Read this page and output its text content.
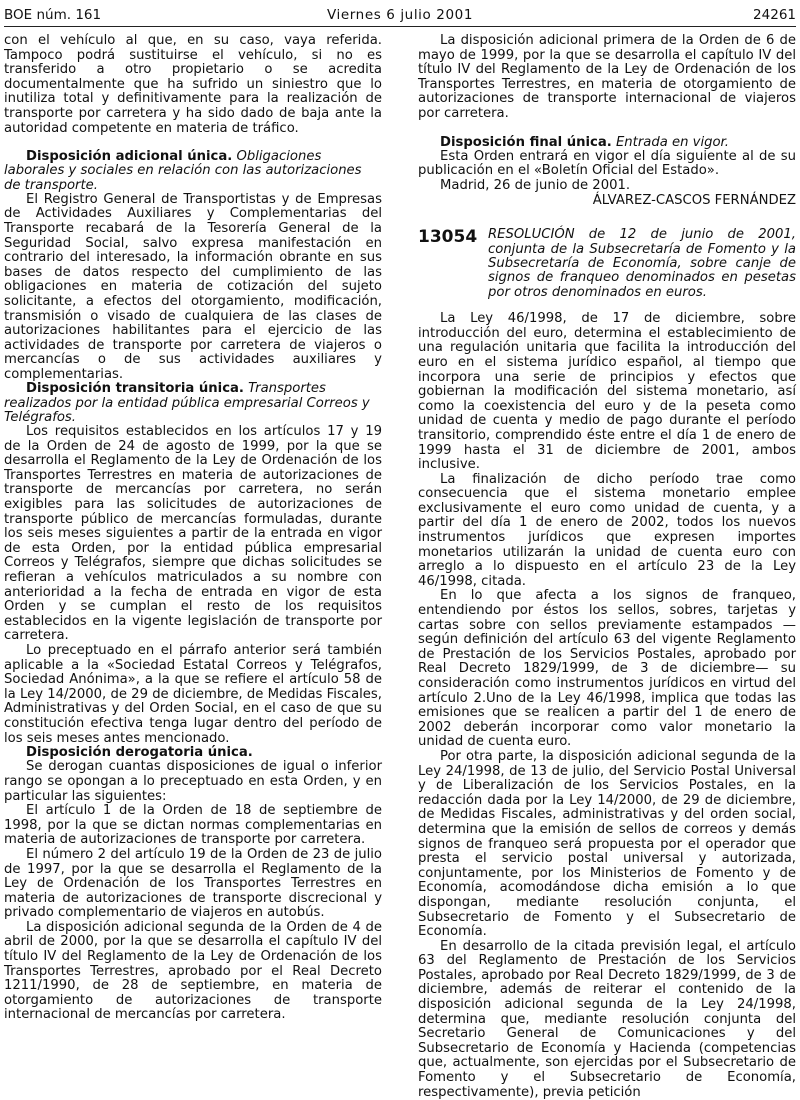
BOE núm. 161	Viernes 6 julio 2001	24261

con el vehículo al que, en su caso, vaya referida. Tampoco podrá sustituirse el vehículo, si no es transferido a otro propietario o se acredita documentalmente que ha sufrido un siniestro que lo inutiliza total y definitivamente para la realización de transporte por carretera y ha sido dado de baja ante la autoridad competente en materia de tráfico.

Disposición adicional única. Obligaciones laborales y sociales en relación con las autorizaciones de transporte.

El Registro General de Transportistas y de Empresas de Actividades Auxiliares y Complementarias del Transporte recabará de la Tesorería General de la Seguridad Social, salvo expresa manifestación en contrario del interesado, la información obrante en sus bases de datos respecto del cumplimiento de las obligaciones en materia de cotización del sujeto solicitante, a efectos del otorgamiento, modificación, transmisión o visado de cualquiera de las clases de autorizaciones habilitantes para el ejercicio de las actividades de transporte por carretera de viajeros o mercancías o de sus actividades auxiliares y complementarias.

Disposición transitoria única. Transportes realizados por la entidad pública empresarial Correos y Telégrafos.

Los requisitos establecidos en los artículos 17 y 19 de la Orden de 24 de agosto de 1999, por la que se desarrolla el Reglamento de la Ley de Ordenación de los Transportes Terrestres en materia de autorizaciones de transporte de mercancías por carretera, no serán exigibles para las solicitudes de autorizaciones de transporte público de mercancías formuladas, durante los seis meses siguientes a partir de la entrada en vigor de esta Orden, por la entidad pública empresarial Correos y Telégrafos, siempre que dichas solicitudes se refieran a vehículos matriculados a su nombre con anterioridad a la fecha de entrada en vigor de esta Orden y se cumplan el resto de los requisitos establecidos en la vigente legislación de transporte por carretera.

Lo preceptuado en el párrafo anterior será también aplicable a la «Sociedad Estatal Correos y Telégrafos, Sociedad Anónima», a la que se refiere el artículo 58 de la Ley 14/2000, de 29 de diciembre, de Medidas Fiscales, Administrativas y del Orden Social, en el caso de que su constitución efectiva tenga lugar dentro del período de los seis meses antes mencionado.

Disposición derogatoria única.

Se derogan cuantas disposiciones de igual o inferior rango se opongan a lo preceptuado en esta Orden, y en particular las siguientes:

El artículo 1 de la Orden de 18 de septiembre de 1998, por la que se dictan normas complementarias en materia de autorizaciones de transporte por carretera.

El número 2 del artículo 19 de la Orden de 23 de julio de 1997, por la que se desarrolla el Reglamento de la Ley de Ordenación de los Transportes Terrestres en materia de autorizaciones de transporte discrecional y privado complementario de viajeros en autobús.

La disposición adicional segunda de la Orden de 4 de abril de 2000, por la que se desarrolla el capítulo IV del título IV del Reglamento de la Ley de Ordenación de los Transportes Terrestres, aprobado por el Real Decreto 1211/1990, de 28 de septiembre, en materia de otorgamiento de autorizaciones de transporte internacional de mercancías por carretera.

La disposición adicional primera de la Orden de 6 de mayo de 1999, por la que se desarrolla el capítulo IV del título IV del Reglamento de la Ley de Ordenación de los Transportes Terrestres, en materia de otorgamiento de autorizaciones de transporte internacional de viajeros por carretera.

Disposición final única. Entrada en vigor.

Esta Orden entrará en vigor el día siguiente al de su publicación en el «Boletín Oficial del Estado».

Madrid, 26 de junio de 2001.

ÁLVAREZ-CASCOS FERNÁNDEZ

13054 RESOLUCIÓN de 12 de junio de 2001, conjunta de la Subsecretaría de Fomento y la Subsecretaría de Economía, sobre canje de signos de franqueo denominados en pesetas por otros denominados en euros.

La Ley 46/1998, de 17 de diciembre, sobre introducción del euro, determina el establecimiento de una regulación unitaria que facilita la introducción del euro en el sistema jurídico español, al tiempo que incorpora una serie de principios y efectos que gobiernan la modificación del sistema monetario, así como la coexistencia del euro y de la peseta como unidad de cuenta y medio de pago durante el período transitorio, comprendido éste entre el día 1 de enero de 1999 hasta el 31 de diciembre de 2001, ambos inclusive.

La finalización de dicho período trae como consecuencia que el sistema monetario emplee exclusivamente el euro como unidad de cuenta, y a partir del día 1 de enero de 2002, todos los nuevos instrumentos jurídicos que expresen importes monetarios utilizarán la unidad de cuenta euro con arreglo a lo dispuesto en el artículo 23 de la Ley 46/1998, citada.

En lo que afecta a los signos de franqueo, entendiendo por éstos los sellos, sobres, tarjetas y cartas sobre con sellos previamente estampados —según definición del artículo 63 del vigente Reglamento de Prestación de los Servicios Postales, aprobado por Real Decreto 1829/1999, de 3 de diciembre— su consideración como instrumentos jurídicos en virtud del artículo 2.Uno de la Ley 46/1998, implica que todas las emisiones que se realicen a partir del 1 de enero de 2002 deberán incorporar como valor monetario la unidad de cuenta euro.

Por otra parte, la disposición adicional segunda de la Ley 24/1998, de 13 de julio, del Servicio Postal Universal y de Liberalización de los Servicios Postales, en la redacción dada por la Ley 14/2000, de 29 de diciembre, de Medidas Fiscales, administrativas y del orden social, determina que la emisión de sellos de correos y demás signos de franqueo será propuesta por el operador que presta el servicio postal universal y autorizada, conjuntamente, por los Ministerios de Fomento y de Economía, acomodándose dicha emisión a lo que dispongan, mediante resolución conjunta, el Subsecretario de Fomento y el Subsecretario de Economía.

En desarrollo de la citada previsión legal, el artículo 63 del Reglamento de Prestación de los Servicios Postales, aprobado por Real Decreto 1829/1999, de 3 de diciembre, además de reiterar el contenido de la disposición adicional segunda de la Ley 24/1998, determina que, mediante resolución conjunta del Secretario General de Comunicaciones y del Subsecretario de Economía y Hacienda (competencias que, actualmente, son ejercidas por el Subsecretario de Fomento y el Subsecretario de Economía, respectivamente), previa petición
